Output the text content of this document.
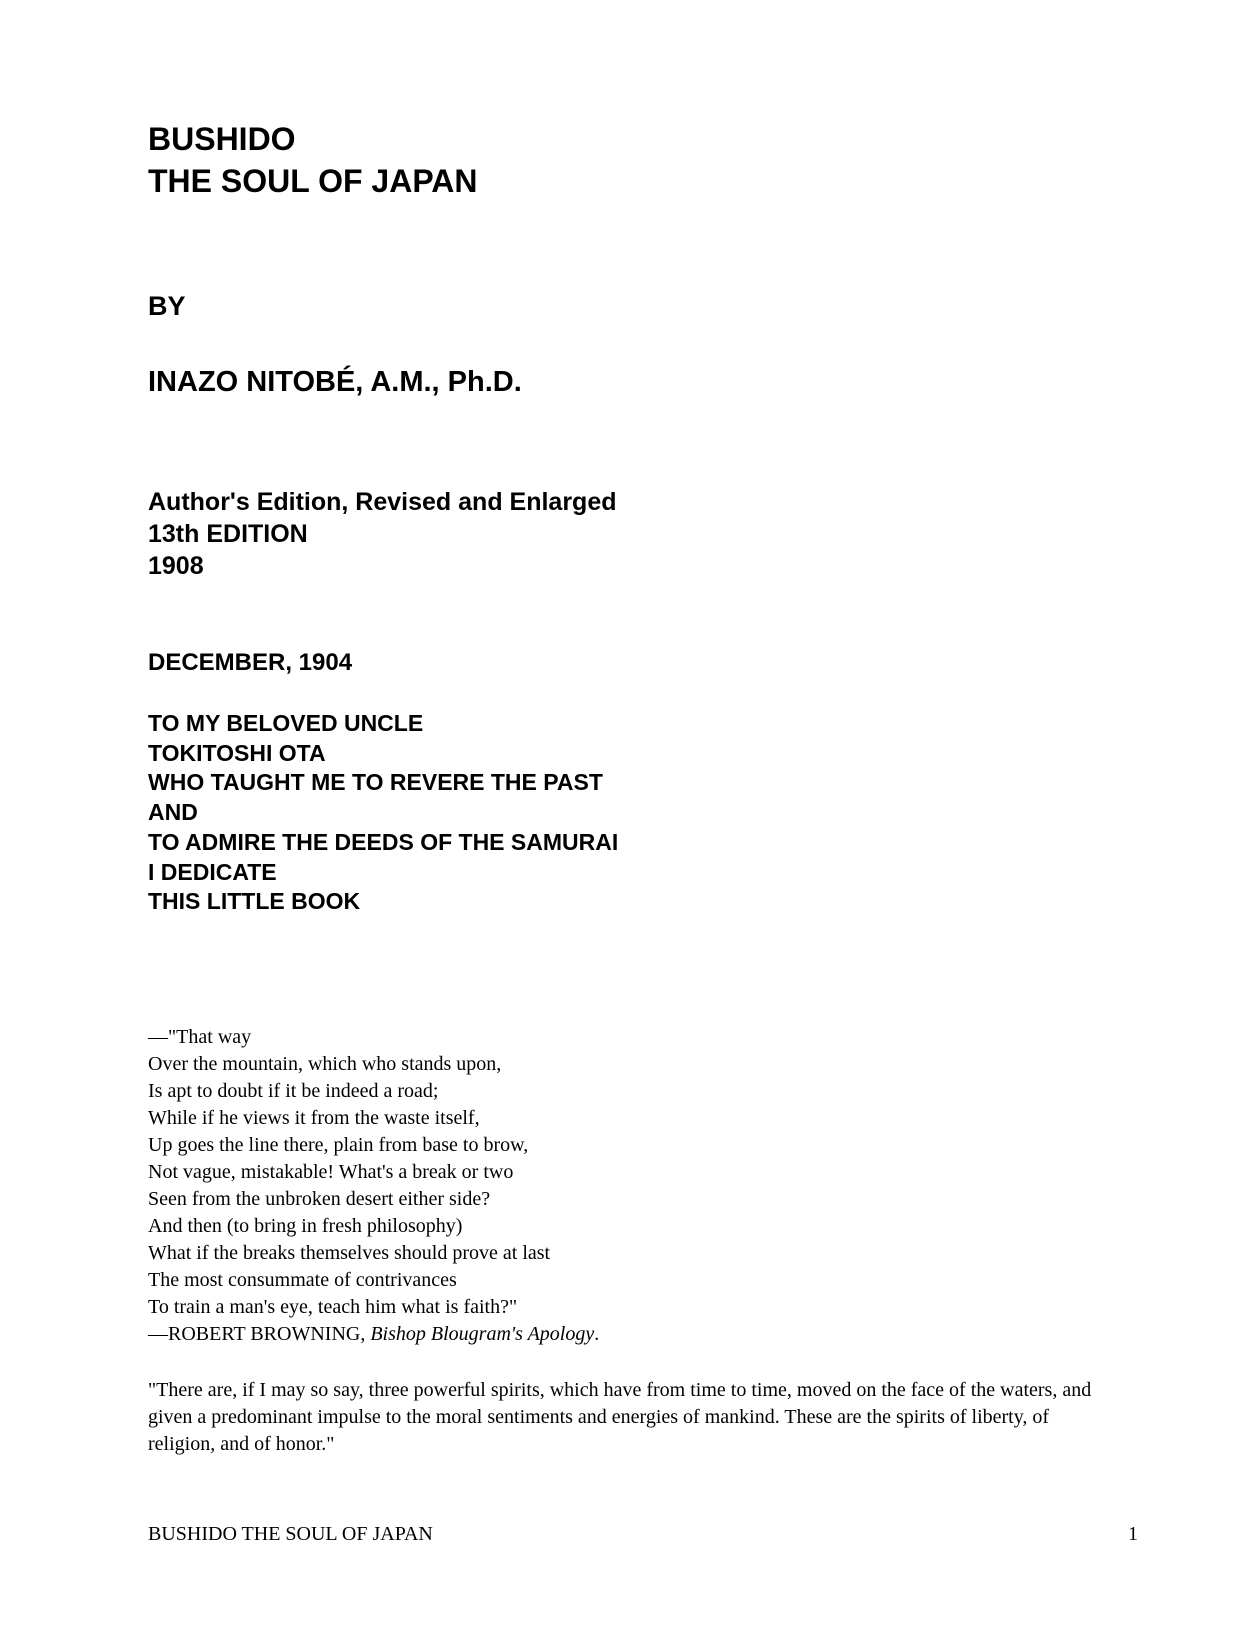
BUSHIDO
THE SOUL OF JAPAN
BY
INAZO NITOBÉ, A.M., Ph.D.
Author's Edition, Revised and Enlarged
13th EDITION
1908
DECEMBER, 1904
TO MY BELOVED UNCLE
TOKITOSHI OTA
WHO TAUGHT ME TO REVERE THE PAST
AND
TO ADMIRE THE DEEDS OF THE SAMURAI
I DEDICATE
THIS LITTLE BOOK
—"That way
Over the mountain, which who stands upon,
Is apt to doubt if it be indeed a road;
While if he views it from the waste itself,
Up goes the line there, plain from base to brow,
Not vague, mistakable! What's a break or two
Seen from the unbroken desert either side?
And then (to bring in fresh philosophy)
What if the breaks themselves should prove at last
The most consummate of contrivances
To train a man's eye, teach him what is faith?"
—ROBERT BROWNING, Bishop Blougram's Apology.

"There are, if I may so say, three powerful spirits, which have from time to time, moved on the face of the waters, and given a predominant impulse to the moral sentiments and energies of mankind. These are the spirits of liberty, of religion, and of honor."

BUSHIDO THE SOUL OF JAPAN	1
